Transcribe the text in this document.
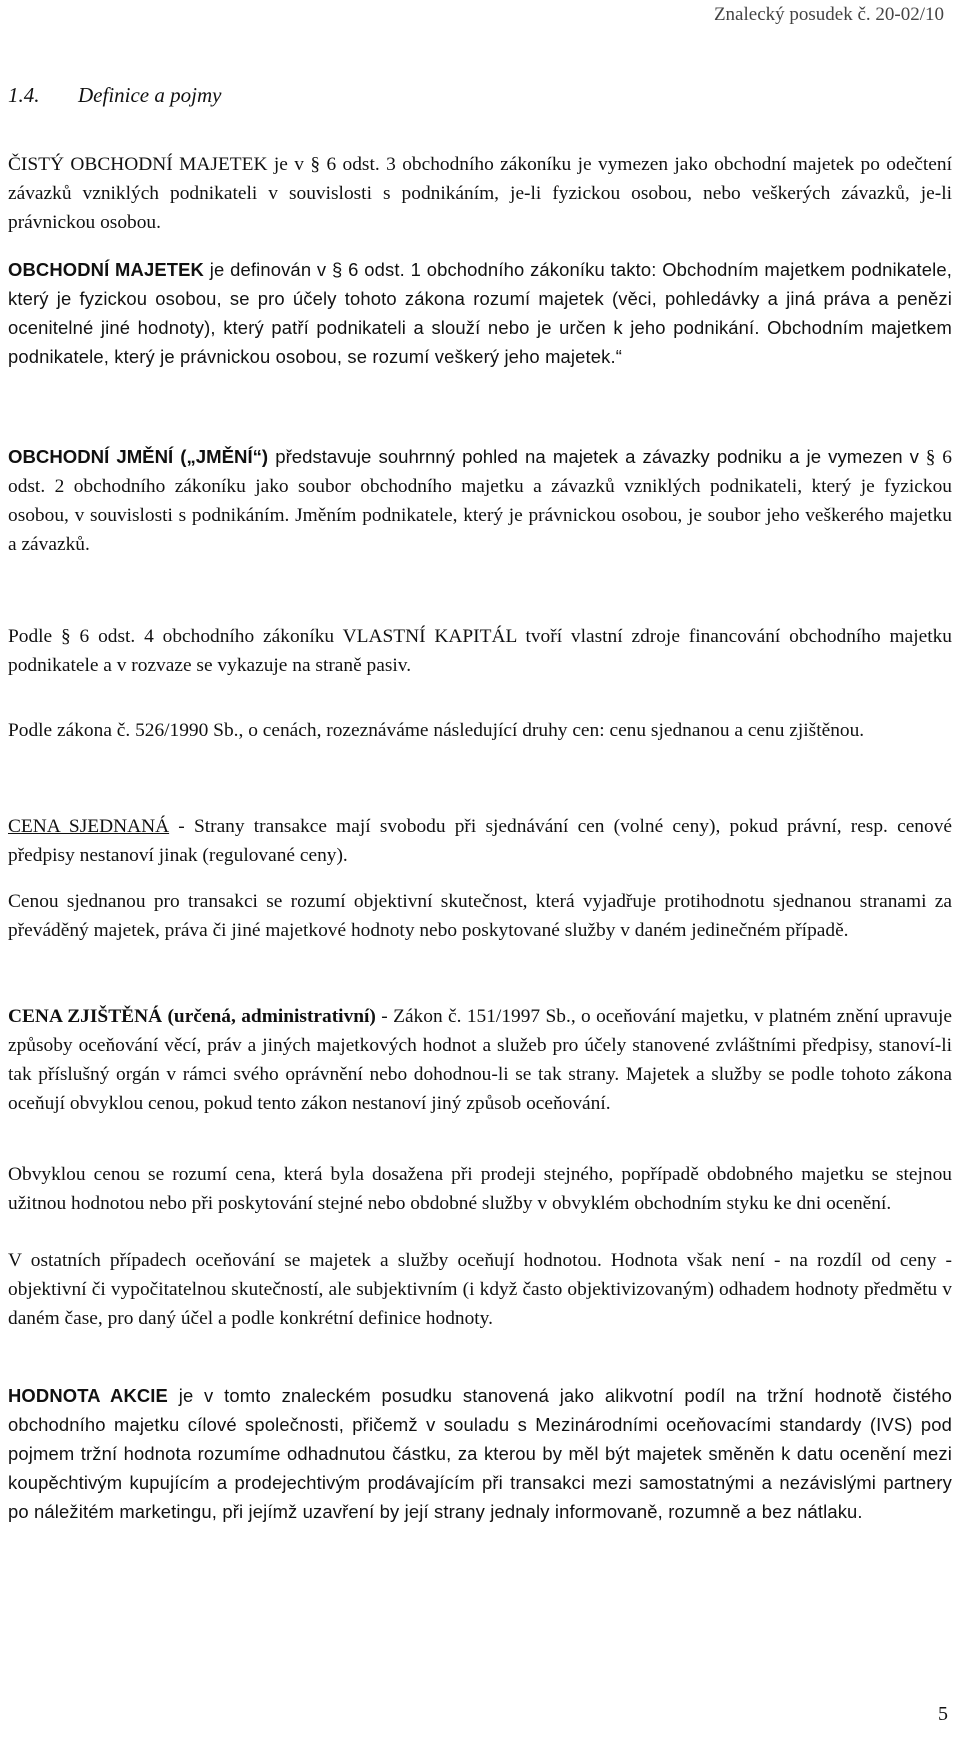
Znalecký posudek č. 20-02/10
1.4. Definice a pojmy

ČISTÝ OBCHODNÍ MAJETEK je v § 6 odst. 3 obchodního zákoníku je vymezen jako obchodní majetek po odečtení závazků vzniklých podnikateli v souvislosti s podnikáním, je-li fyzickou osobou, nebo veškerých závazků, je-li právnickou osobou.

OBCHODNÍ MAJETEK je definován v § 6 odst. 1 obchodního zákoníku takto: Obchodním majetkem podnikatele, který je fyzickou osobou, se pro účely tohoto zákona rozumí majetek (věci, pohledávky a jiná práva a penězi ocenitelné jiné hodnoty), který patří podnikateli a slouží nebo je určen k jeho podnikání. Obchodním majetkem podnikatele, který je právnickou osobou, se rozumí veškerý jeho majetek.“

OBCHODNÍ JMĚNÍ („JMĚNÍ“) představuje souhrnný pohled na majetek a závazky podniku a je vymezen v § 6 odst. 2 obchodního zákoníku jako soubor obchodního majetku a závazků vzniklých podnikateli, který je fyzickou osobou, v souvislosti s podnikáním. Jměním podnikatele, který je právnickou osobou, je soubor jeho veškerého majetku a závazků.

Podle § 6 odst. 4 obchodního zákoníku VLASTNÍ KAPITÁL tvoří vlastní zdroje financování obchodního majetku podnikatele a v rozvaze se vykazuje na straně pasiv.

Podle zákona č. 526/1990 Sb., o cenách, rozeznáváme následující druhy cen: cenu sjednanou a cenu zjištěnou.

CENA SJEDNANÁ - Strany transakce mají svobodu při sjednávání cen (volné ceny), pokud právní, resp. cenové předpisy nestanoví jinak (regulované ceny).

Cenou sjednanou pro transakci se rozumí objektivní skutečnost, která vyjadřuje protihodnotu sjednanou stranami za převáděný majetek, práva či jiné majetkové hodnoty nebo poskytované služby v daném jedinečném případě.

CENA ZJIŠTĚNÁ (určená, administrativní) - Zákon č. 151/1997 Sb., o oceňování majetku, v platném znění upravuje způsoby oceňování věcí, práv a jiných majetkových hodnot a služeb pro účely stanovené zvláštními předpisy, stanoví-li tak příslušný orgán v rámci svého oprávnění nebo dohodnou-li se tak strany. Majetek a služby se podle tohoto zákona oceňují obvyklou cenou, pokud tento zákon nestanoví jiný způsob oceňování.

Obvyklou cenou se rozumí cena, která byla dosažena při prodeji stejného, popřípadě obdobného majetku se stejnou užitnou hodnotou nebo při poskytování stejné nebo obdobné služby v obvyklém obchodním styku ke dni ocenění.

V ostatních případech oceňování se majetek a služby oceňují hodnotou. Hodnota však není - na rozdíl od ceny - objektivní či vypočitatelnou skutečností, ale subjektivním (i když často objektivizovaným) odhadem hodnoty předmětu v daném čase, pro daný účel a podle konkrétní definice hodnoty.

HODNOTA AKCIE je v tomto znaleckém posudku stanovená jako alikvotní podíl na tržní hodnotě čistého obchodního majetku cílové společnosti, přičemž v souladu s Mezinárodními oceňovacími standardy (IVS) pod pojmem tržní hodnota rozumíme odhadnutou částku, za kterou by měl být majetek směněn k datu ocenění mezi koupěchtivým kupujícím a prodejechtivým prodávajícím při transakci mezi samostatnými a nezávislými partnery po náležitém marketingu, při jejímž uzavření by její strany jednaly informovaně, rozumně a bez nátlaku.

5
